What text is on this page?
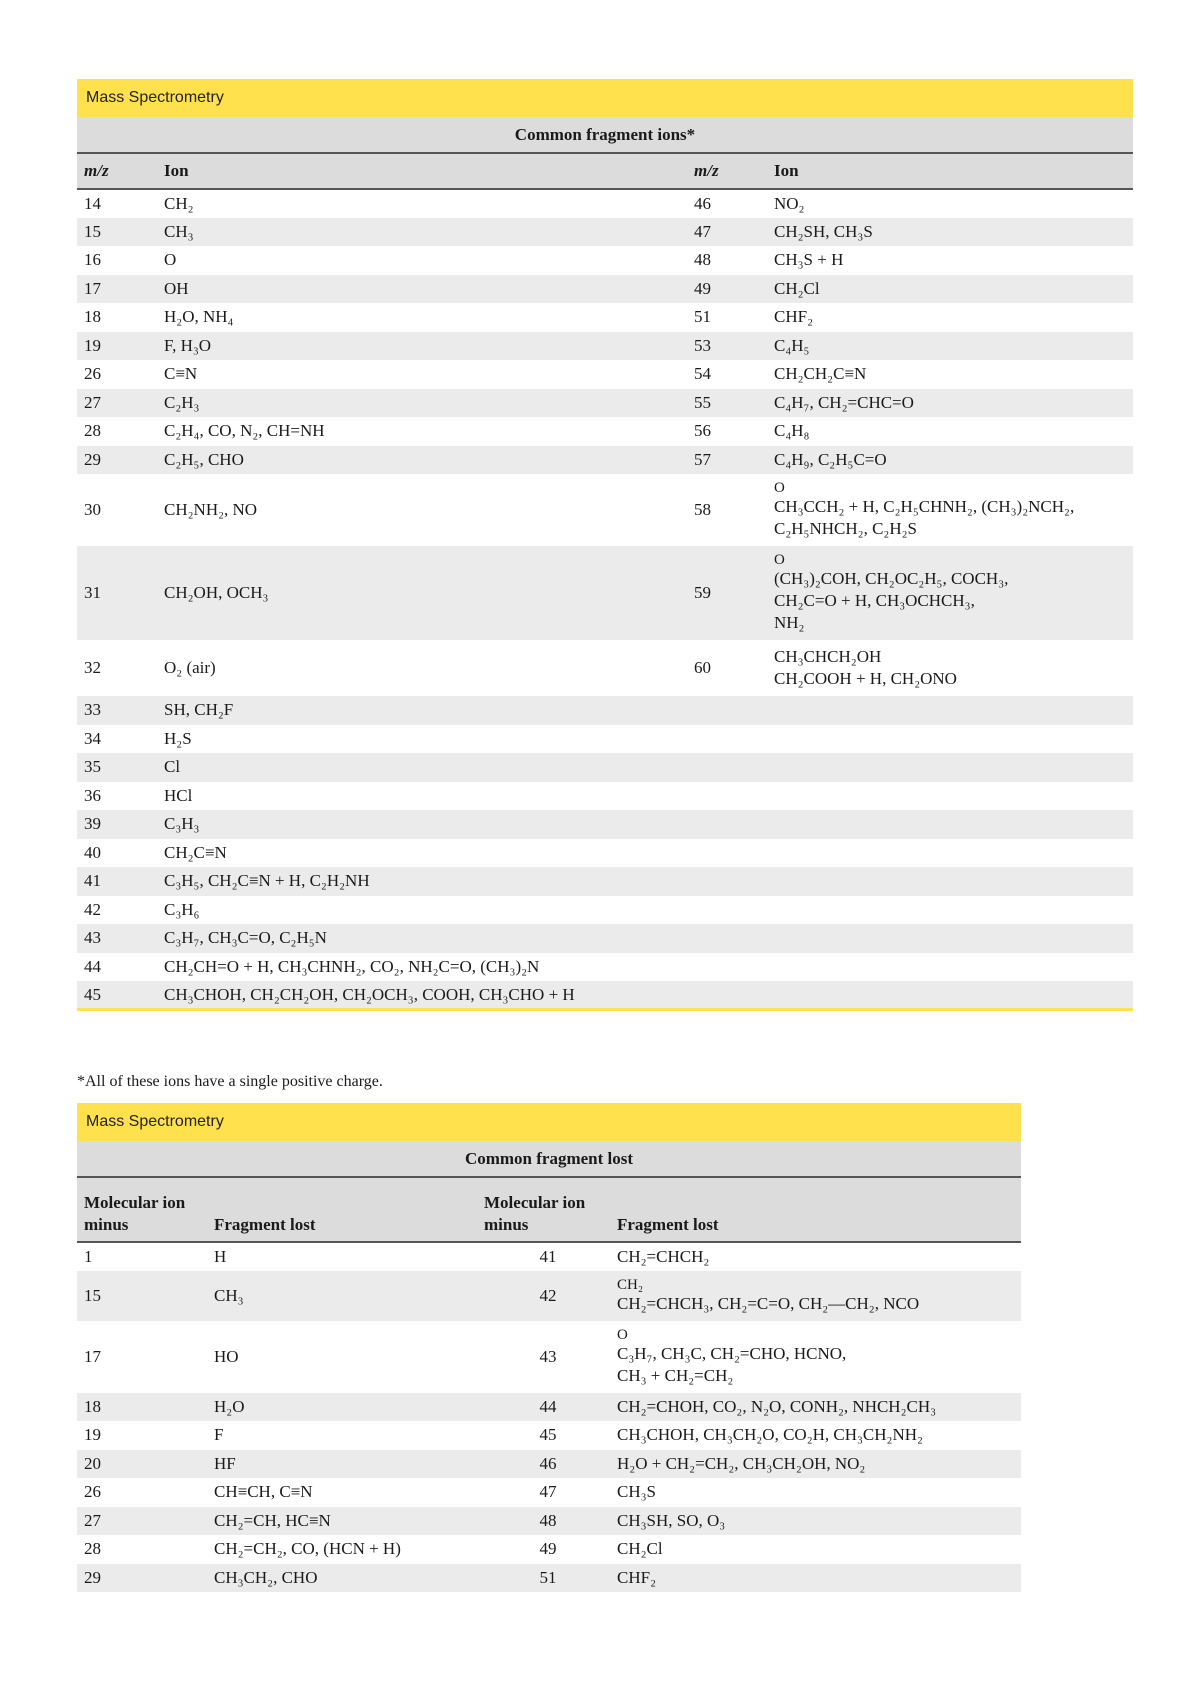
Mass Spectrometry
Common fragment ions*
m/z	Ion	m/z	Ion
14	CH₂	46	NO₂
15	CH₃	47	CH₂SH, CH₃S
16	O	48	CH₃S + H
17	OH	49	CH₂Cl
18	H₂O, NH₄	51	CHF₂
19	F, H₃O	53	C₄H₅
26	C≡N	54	CH₂CH₂C≡N
27	C₂H₃	55	C₄H₇, CH₂=CHC=O
28	C₂H₄, CO, N₂, CH=NH	56	C₄H₈
29	C₂H₅, CHO	57	C₄H₉, C₂H₅C=O
30	CH₂NH₂, NO	58	O
CH₃CCH₂ + H, C₂H₅CHNH₂, (CH₃)₂NCH₂,
C₂H₅NHCH₂, C₂H₂S

31	CH₂OH, OCH₃	59	O
(CH₃)₂COH, CH₂OC₂H₅, COCH₃,
CH₂C=O + H, CH₃OCHCH₃,
NH₂

32	O₂ (air)	60	CH₃CHCH₂OH
CH₂COOH + H, CH₂ONO

33	SH, CH₂F		
34	H₂S		
35	Cl		
36	HCl		
39	C₃H₃		
40	CH₂C≡N		
41	C₃H₅, CH₂C≡N + H, C₂H₂NH		
42	C₃H₆		
43	C₃H₇, CH₃C=O, C₂H₅N		
44	CH₂CH=O + H, CH₃CHNH₂, CO₂, NH₂C=O, (CH₃)₂N		
45	CH₃CHOH, CH₂CH₂OH, CH₂OCH₃, COOH, CH₃CHO + H		
*All of these ions have a single positive charge.
Mass Spectrometry
Common fragment lost
Molecular ion minus	Fragment lost	Molecular ion minus	Fragment lost
1	H	41	CH₂=CHCH₂
15	CH₃	42	CH₂
CH₂=CHCH₃, CH₂=C=O, CH₂—CH₂, NCO

17	HO	43	O
C₃H₇, CH₃C, CH₂=CHO, HCNO,
CH₃ + CH₂=CH₂

18	H₂O	44	CH₂=CHOH, CO₂, N₂O, CONH₂, NHCH₂CH₃
19	F	45	CH₃CHOH, CH₃CH₂O, CO₂H, CH₃CH₂NH₂
20	HF	46	H₂O + CH₂=CH₂, CH₃CH₂OH, NO₂
26	CH≡CH, C≡N	47	CH₃S
27	CH₂=CH, HC≡N	48	CH₃SH, SO, O₃
28	CH₂=CH₂, CO, (HCN + H)	49	CH₂Cl
29	CH₃CH₂, CHO	51	CHF₂
